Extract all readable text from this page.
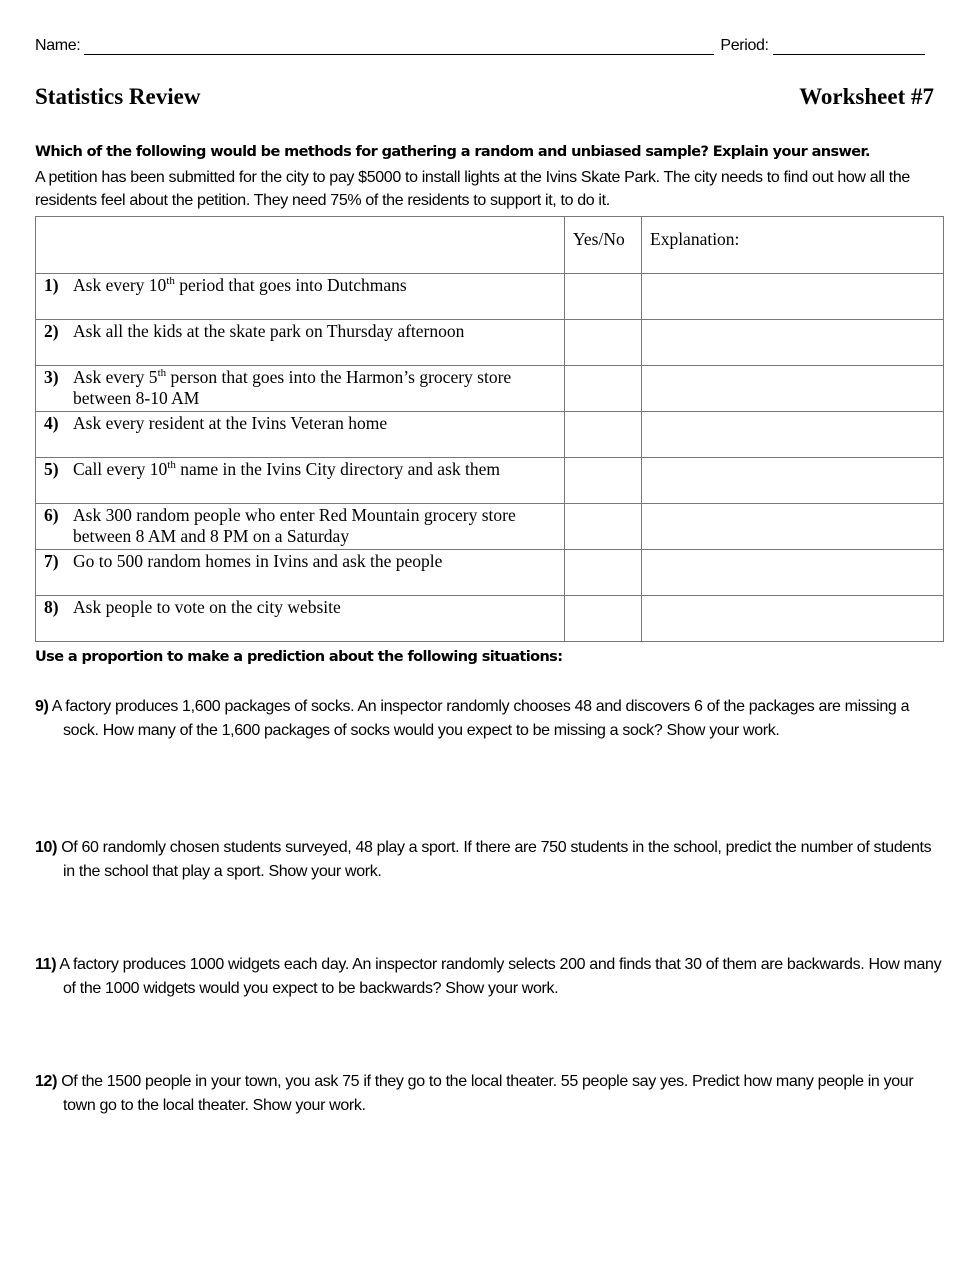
Name:	Period:
Statistics Review	Worksheet #7
Which of the following would be methods for gathering a random and unbiased sample? Explain your answer.
A petition has been submitted for the city to pay $5000 to install lights at the Ivins Skate Park. The city needs to find out how all the residents feel about the petition. They need 75% of the residents to support it, to do it.
	Yes/No	Explanation:
1) Ask every 10th period that goes into Dutchmans		
2) Ask all the kids at the skate park on Thursday afternoon		
3) Ask every 5th person that goes into the Harmon’s grocery store between 8-10 AM		
4) Ask every resident at the Ivins Veteran home		
5) Call every 10th name in the Ivins City directory and ask them		
6) Ask 300 random people who enter Red Mountain grocery store between 8 AM and 8 PM on a Saturday		
7) Go to 500 random homes in Ivins and ask the people		
8) Ask people to vote on the city website		
Use a proportion to make a prediction about the following situations:
9) A factory produces 1,600 packages of socks. An inspector randomly chooses 48 and discovers 6 of the packages are missing a sock. How many of the 1,600 packages of socks would you expect to be missing a sock? Show your work.
10) Of 60 randomly chosen students surveyed, 48 play a sport. If there are 750 students in the school, predict the number of students in the school that play a sport. Show your work.
11) A factory produces 1000 widgets each day. An inspector randomly selects 200 and finds that 30 of them are backwards. How many of the 1000 widgets would you expect to be backwards? Show your work.
12) Of the 1500 people in your town, you ask 75 if they go to the local theater. 55 people say yes. Predict how many people in your town go to the local theater. Show your work.
